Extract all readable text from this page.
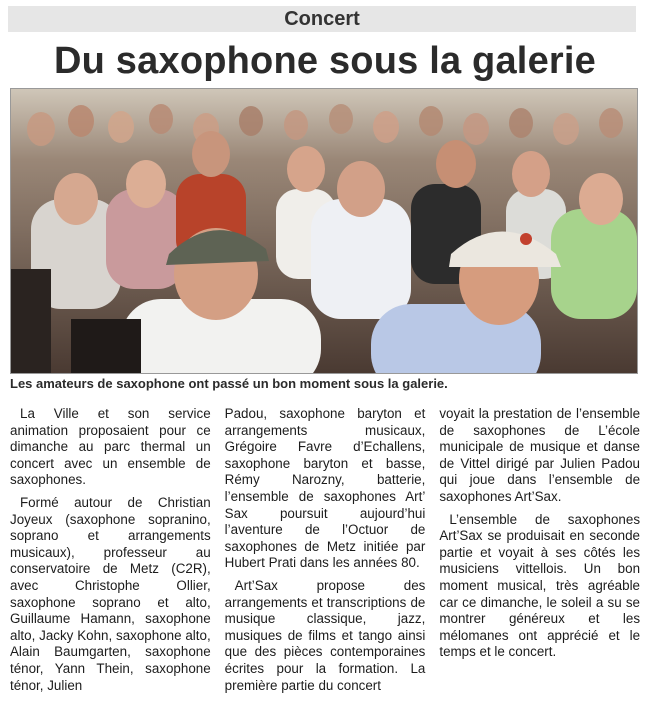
Concert
Du saxophone sous la galerie
Les amateurs de saxophone ont passé un bon moment sous la galerie.

La Ville et son service animation proposaient pour ce dimanche au parc thermal un concert avec un ensemble de saxophones.

Formé autour de Christian Joyeux (saxophone sopranino, soprano et arrangements musicaux), professeur au conservatoire de Metz (C2R), avec Christophe Ollier, saxophone soprano et alto, Guillaume Hamann, saxophone alto, Jacky Kohn, saxophone alto, Alain Baumgarten, saxophone ténor, Yann Thein, saxophone ténor, Julien

Padou, saxophone baryton et arrangements musicaux, Grégoire Favre d’Echallens, saxophone baryton et basse, Rémy Narozny, batterie, l’ensemble de saxophones Art’ Sax poursuit aujourd’hui l’aventure de l’Octuor de saxophones de Metz initiée par Hubert Prati dans les années 80.

Art’Sax propose des arrangements et transcriptions de musique classique, jazz, musiques de films et tango ainsi que des pièces contemporaines écrites pour la formation. La première partie du concert

voyait la prestation de l’ensemble de saxophones de L’école municipale de musique et danse de Vittel dirigé par Julien Padou qui joue dans l’ensemble de saxophones Art’Sax.

L’ensemble de saxophones Art’Sax se produisait en seconde partie et voyait à ses côtés les musiciens vittellois. Un bon moment musical, très agréable car ce dimanche, le soleil a su se montrer généreux et les mélomanes ont apprécié et le temps et le concert.
